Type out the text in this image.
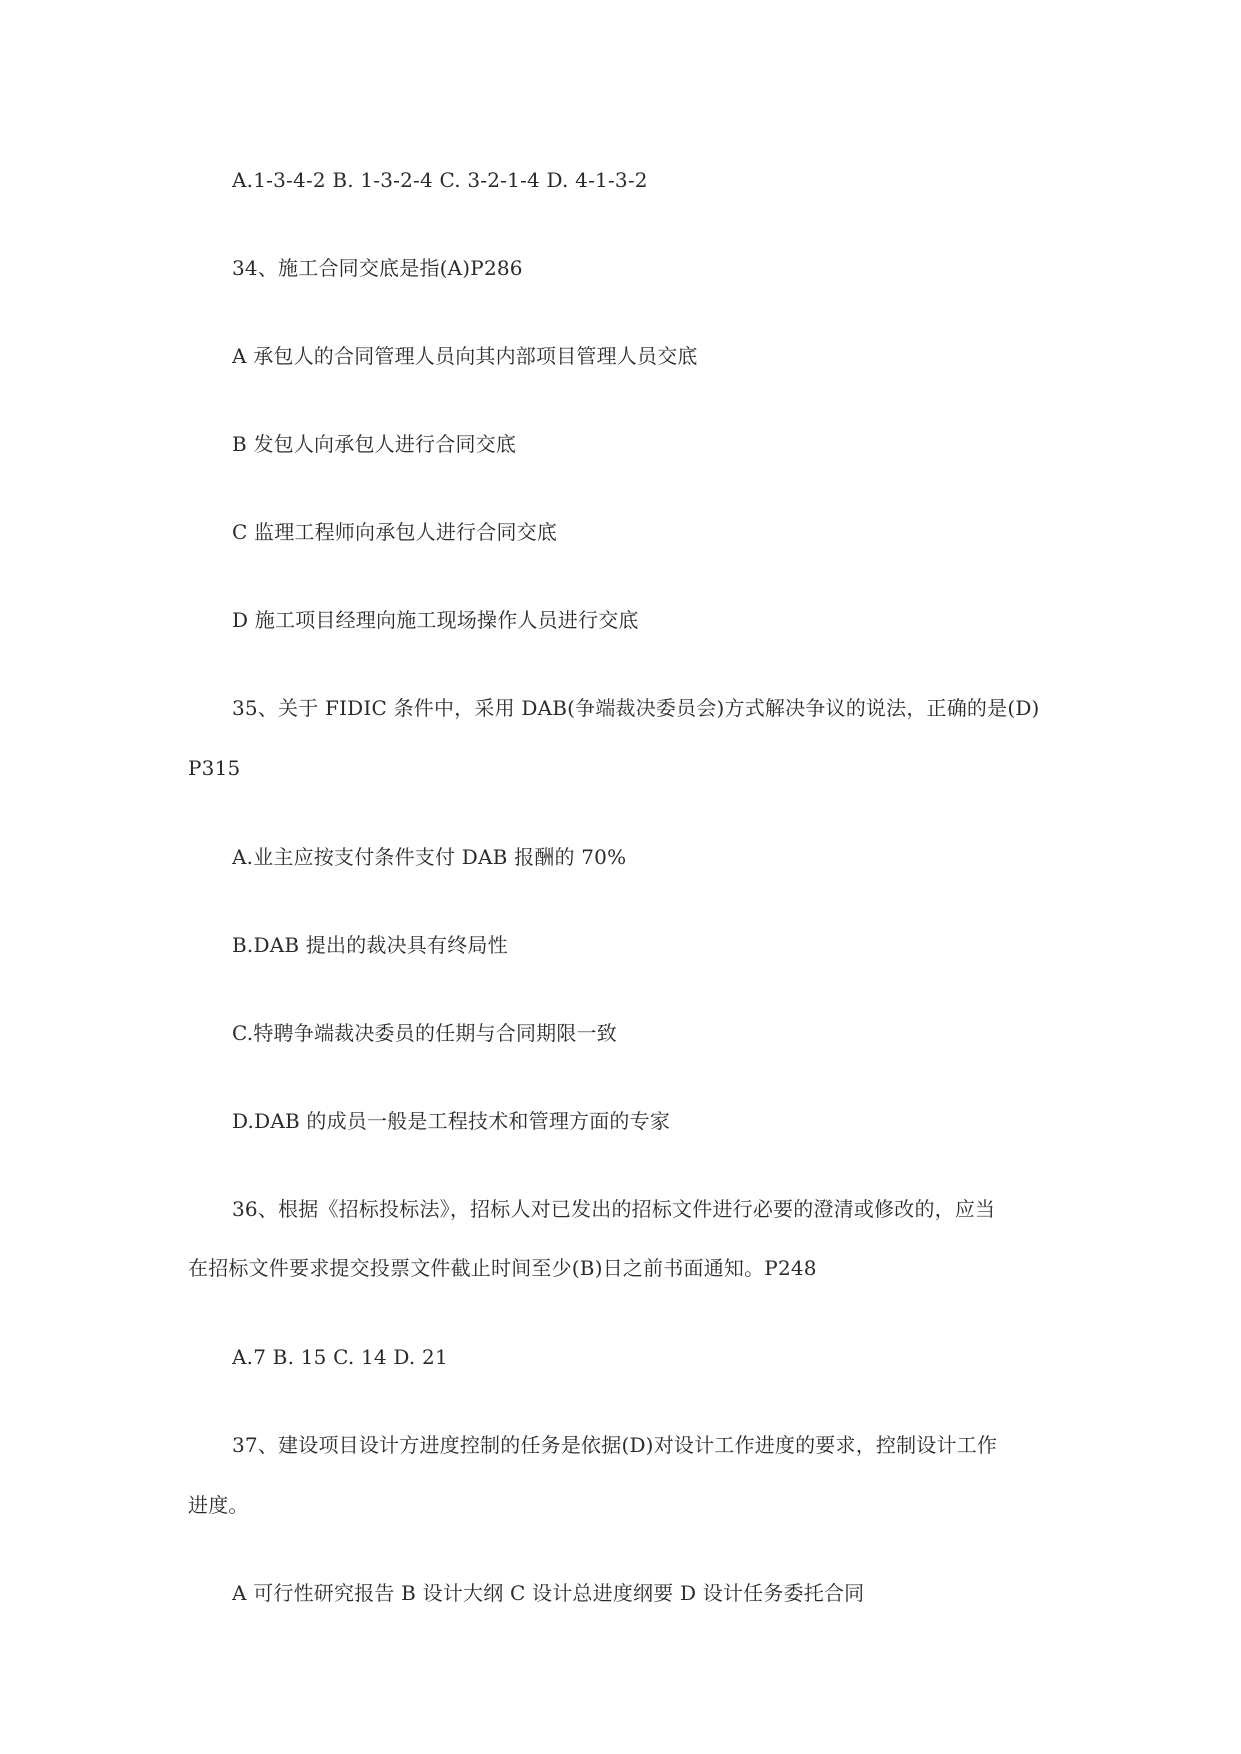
A.1-3-4-2 B. 1-3-2-4 C. 3-2-1-4 D. 4-1-3-2
34、施工合同交底是指(A)P286
A 承包人的合同管理人员向其内部项目管理人员交底
B 发包人向承包人进行合同交底
C 监理工程师向承包人进行合同交底
D 施工项目经理向施工现场操作人员进行交底
35、关于 FIDIC 条件中，采用 DAB(争端裁决委员会)方式解决争议的说法，正确的是(D)
P315
A.业主应按支付条件支付 DAB 报酬的 70%
B.DAB 提出的裁决具有终局性
C.特聘争端裁决委员的任期与合同期限一致
D.DAB 的成员一般是工程技术和管理方面的专家
36、根据《招标投标法》，招标人对已发出的招标文件进行必要的澄清或修改的，应当
在招标文件要求提交投票文件截止时间至少(B)日之前书面通知。P248
A.7 B. 15 C. 14 D. 21
37、建设项目设计方进度控制的任务是依据(D)对设计工作进度的要求，控制设计工作
进度。
A 可行性研究报告 B 设计大纲 C 设计总进度纲要 D 设计任务委托合同
